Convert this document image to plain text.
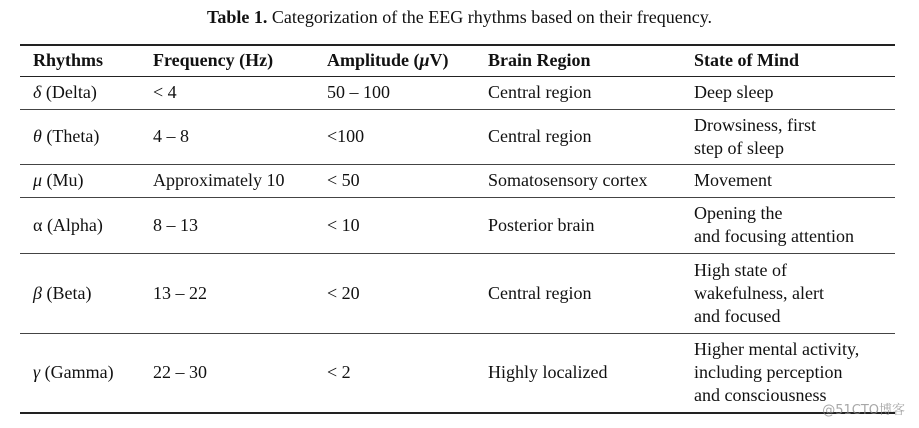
Table 1. Categorization of the EEG rhythms based on their frequency.
Rhythms	Frequency (Hz)	Amplitude (μV)	Brain Region	State of Mind
δ (Delta)	< 4	50 – 100	Central region	Deep sleep

θ (Theta)	4 – 8	<100	Central region	Drowsiness, first
step of sleep

μ (Mu)	Approximately 10	< 50	Somatosensory cortex	Movement

α (Alpha)	8 – 13	< 10	Posterior brain	Opening the
and focusing attention

β (Beta)	13 – 22	< 20	Central region	High state of
wakefulness, alert
and focused

γ (Gamma)	22 – 30	< 2	Highly localized	Higher mental activity,
including perception
and consciousness
@51CTO博客
